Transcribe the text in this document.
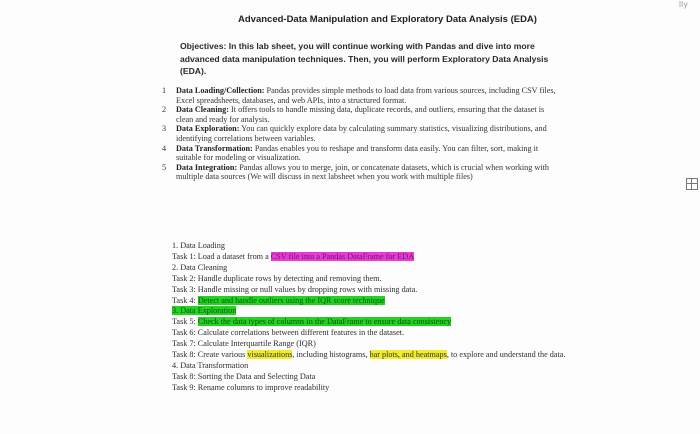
lly
Advanced-Data Manipulation and Exploratory Data Analysis (EDA)
Objectives: In this lab sheet, you will continue working with Pandas and dive into more advanced data manipulation techniques. Then, you will perform Exploratory Data Analysis (EDA).
1 Data Loading/Collection: Pandas provides simple methods to load data from various sources, including CSV files, Excel spreadsheets, databases, and web APIs, into a structured format.
2 Data Cleaning: It offers tools to handle missing data, duplicate records, and outliers, ensuring that the dataset is clean and ready for analysis.
3 Data Exploration: You can quickly explore data by calculating summary statistics, visualizing distributions, and identifying correlations between variables.
4 Data Transformation: Pandas enables you to reshape and transform data easily. You can filter, sort, making it suitable for modeling or visualization.
5 Data Integration: Pandas allows you to merge, join, or concatenate datasets, which is crucial when working with multiple data sources (We will discuss in next labsheet when you work with multiple files)
1. Data Loading
Task 1: Load a dataset from a CSV file into a Pandas DataFrame for EDA
2. Data Cleaning
Task 2: Handle duplicate rows by detecting and removing them.
Task 3: Handle missing or null values by dropping rows with missing data.
Task 4: Detect and handle outliers using the IQR score technique
3. Data Exploration
Task 5: Check the data types of columns in the DataFrame to ensure data consistency
Task 6: Calculate correlations between different features in the dataset.
Task 7: Calculate Interquartile Range (IQR)
Task 8: Create various visualizations, including histograms, bar plots, and heatmaps, to explore and understand the data.
4. Data Transformation
Task 8: Sorting the Data and Selecting Data
Task 9: Rename columns to improve readability
